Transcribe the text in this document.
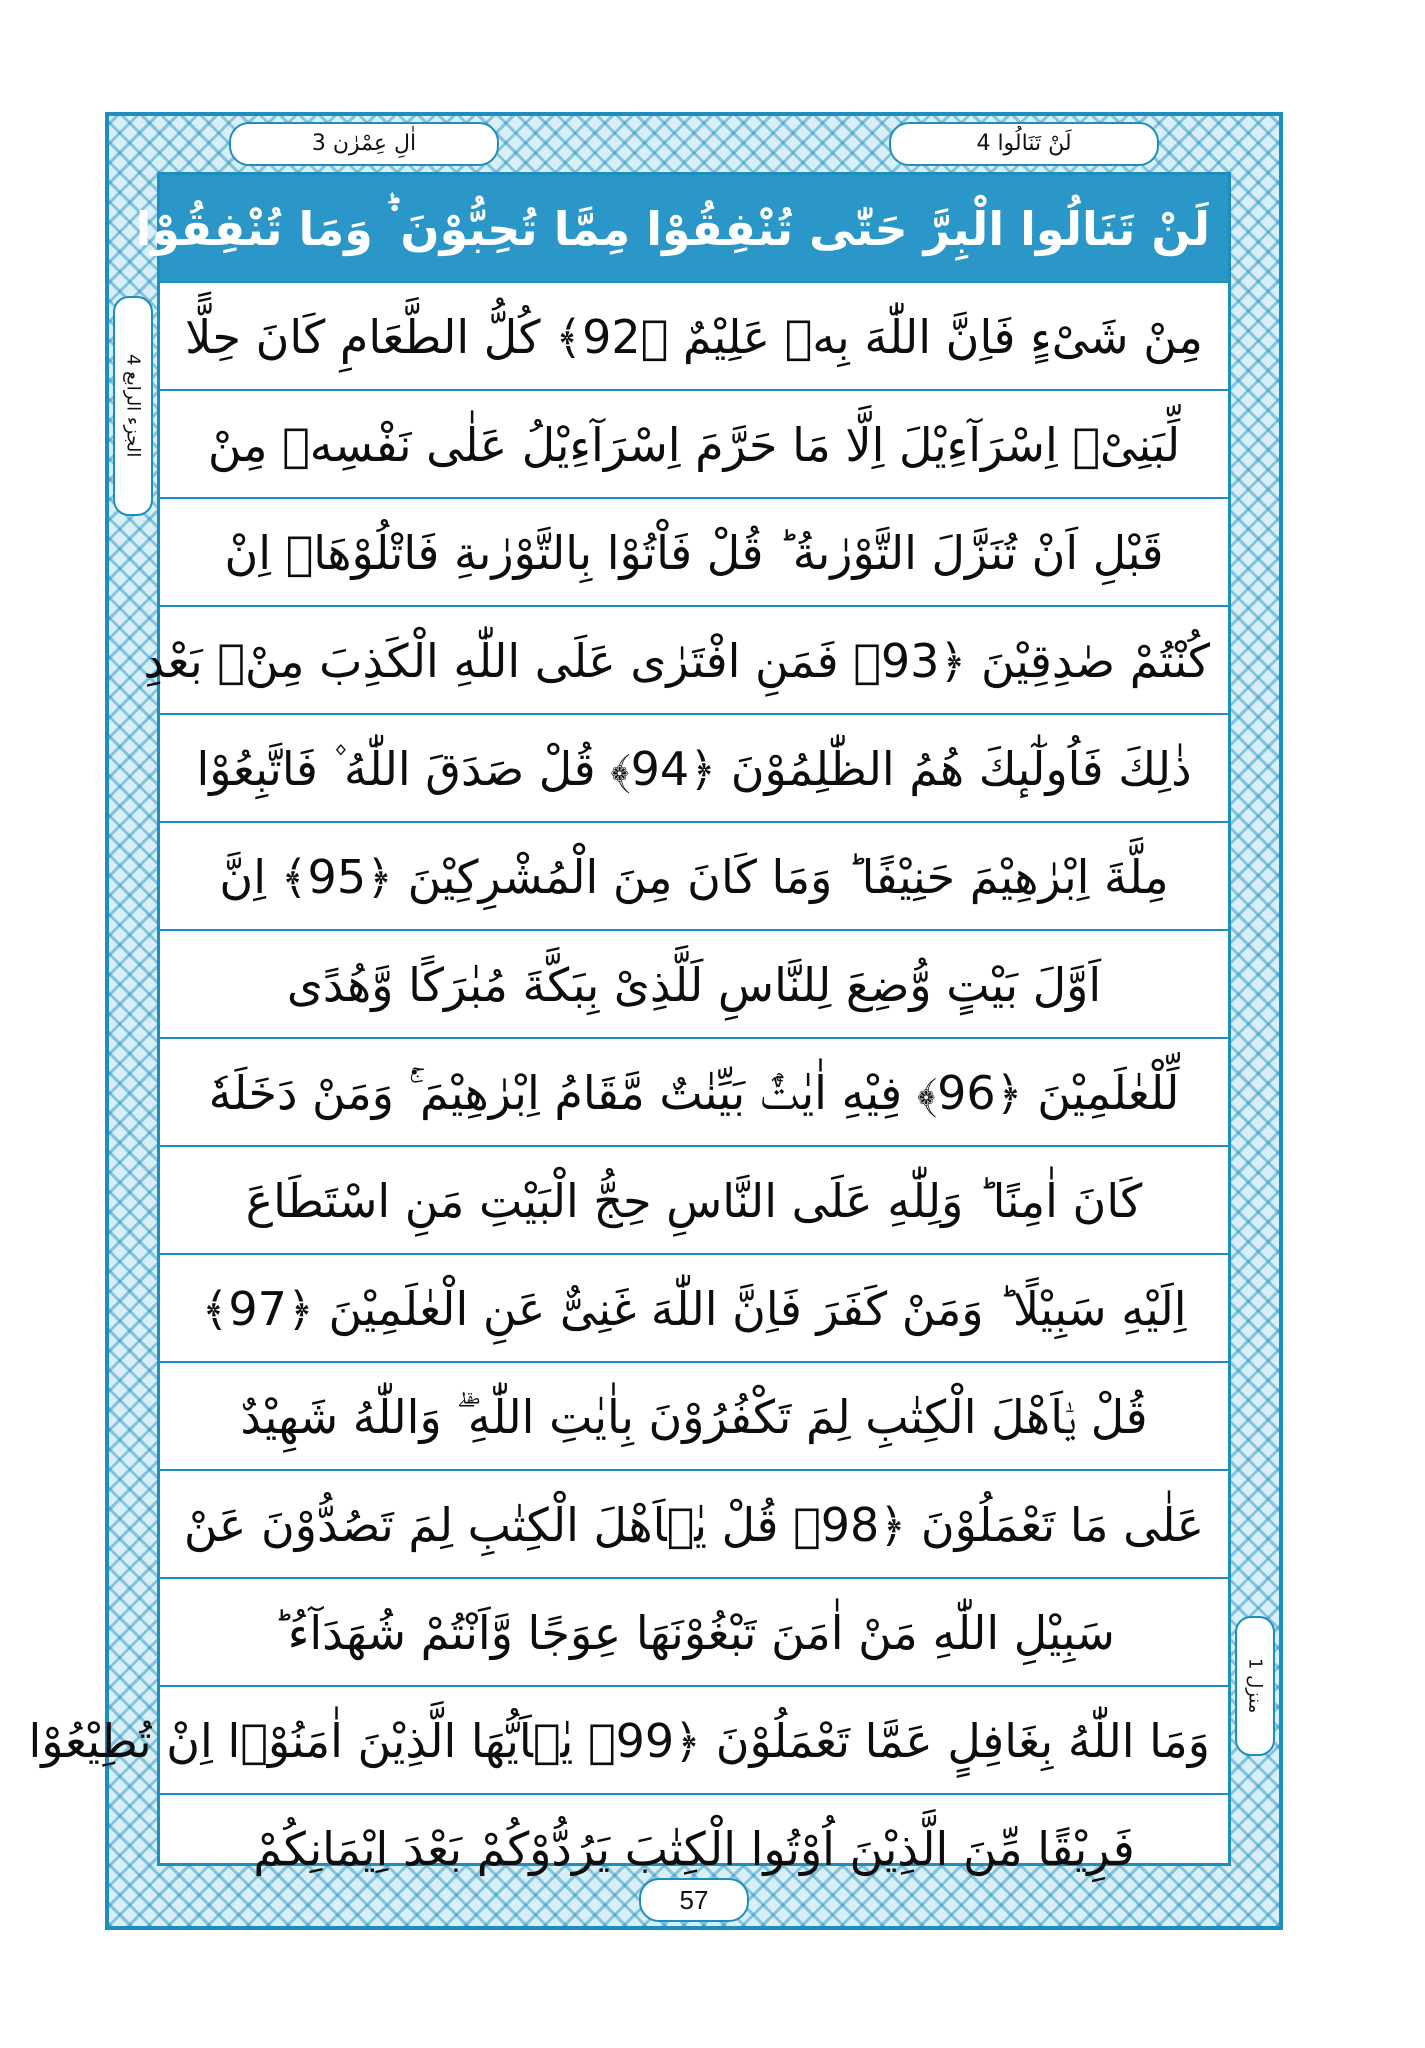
اٰلِ عِمْرٰن 3	لَنْ تَنَالُوا 4
الجزء الرابع 4
منزل 1
لَنْ تَنَالُوا الْبِرَّ حَتّٰى تُنْفِقُوْا مِمَّا تُحِبُّوْنَ ۬ؕ وَمَا تُنْفِقُوْا
مِنْ شَیْءٍ فَاِنَّ اللّٰهَ بِهٖ عَلِیْمٌ ﴿92﴾ كُلُّ الطَّعَامِ كَانَ حِلًّا
لِّبَنِیْۤ اِسْرَآءِیْلَ اِلَّا مَا حَرَّمَ اِسْرَآءِیْلُ عَلٰى نَفْسِهٖ مِنْ
قَبْلِ اَنْ تُنَزَّلَ التَّوْرٰىةُ ؕ قُلْ فَاْتُوْا بِالتَّوْرٰىةِ فَاتْلُوْهَاۤ اِنْ
كُنْتُمْ صٰدِقِیْنَ ﴿93﴾ فَمَنِ افْتَرٰى عَلَى اللّٰهِ الْكَذِبَ مِنْۢ بَعْدِ
ذٰلِكَ فَاُولٰٓىٕكَ هُمُ الظّٰلِمُوْنَ ﴿94﴾ قُلْ صَدَقَ اللّٰهُ ۫ فَاتَّبِعُوْا
مِلَّةَ اِبْرٰهِیْمَ حَنِیْفًا ؕ وَمَا كَانَ مِنَ الْمُشْرِكِیْنَ ﴿95﴾ اِنَّ
اَوَّلَ بَیْتٍ وُّضِعَ لِلنَّاسِ لَلَّذِیْ بِبَكَّةَ مُبٰرَكًا وَّهُدًى
لِّلْعٰلَمِیْنَ ﴿96﴾ فِیْهِ اٰیٰتٌۢ بَیِّنٰتٌ مَّقَامُ اِبْرٰهِیْمَ ۚ۬ وَمَنْ دَخَلَهٗ
كَانَ اٰمِنًا ؕ وَلِلّٰهِ عَلَى النَّاسِ حِجُّ الْبَیْتِ مَنِ اسْتَطَاعَ
اِلَیْهِ سَبِیْلًا ؕ وَمَنْ كَفَرَ فَاِنَّ اللّٰهَ غَنِیٌّ عَنِ الْعٰلَمِیْنَ ﴿97﴾
قُلْ یٰۤاَهْلَ الْكِتٰبِ لِمَ تَكْفُرُوْنَ بِاٰیٰتِ اللّٰهِ ۖۗ وَاللّٰهُ شَهِیْدٌ
عَلٰى مَا تَعْمَلُوْنَ ﴿98﴾ قُلْ یٰۤاَهْلَ الْكِتٰبِ لِمَ تَصُدُّوْنَ عَنْ
سَبِیْلِ اللّٰهِ مَنْ اٰمَنَ تَبْغُوْنَهَا عِوَجًا وَّاَنْتُمْ شُهَدَآءُ ؕ
وَمَا اللّٰهُ بِغَافِلٍ عَمَّا تَعْمَلُوْنَ ﴿99﴾ یٰۤاَیُّهَا الَّذِیْنَ اٰمَنُوْۤا اِنْ تُطِیْعُوْا
فَرِیْقًا مِّنَ الَّذِیْنَ اُوْتُوا الْكِتٰبَ یَرُدُّوْكُمْ بَعْدَ اِیْمَانِكُمْ
57
